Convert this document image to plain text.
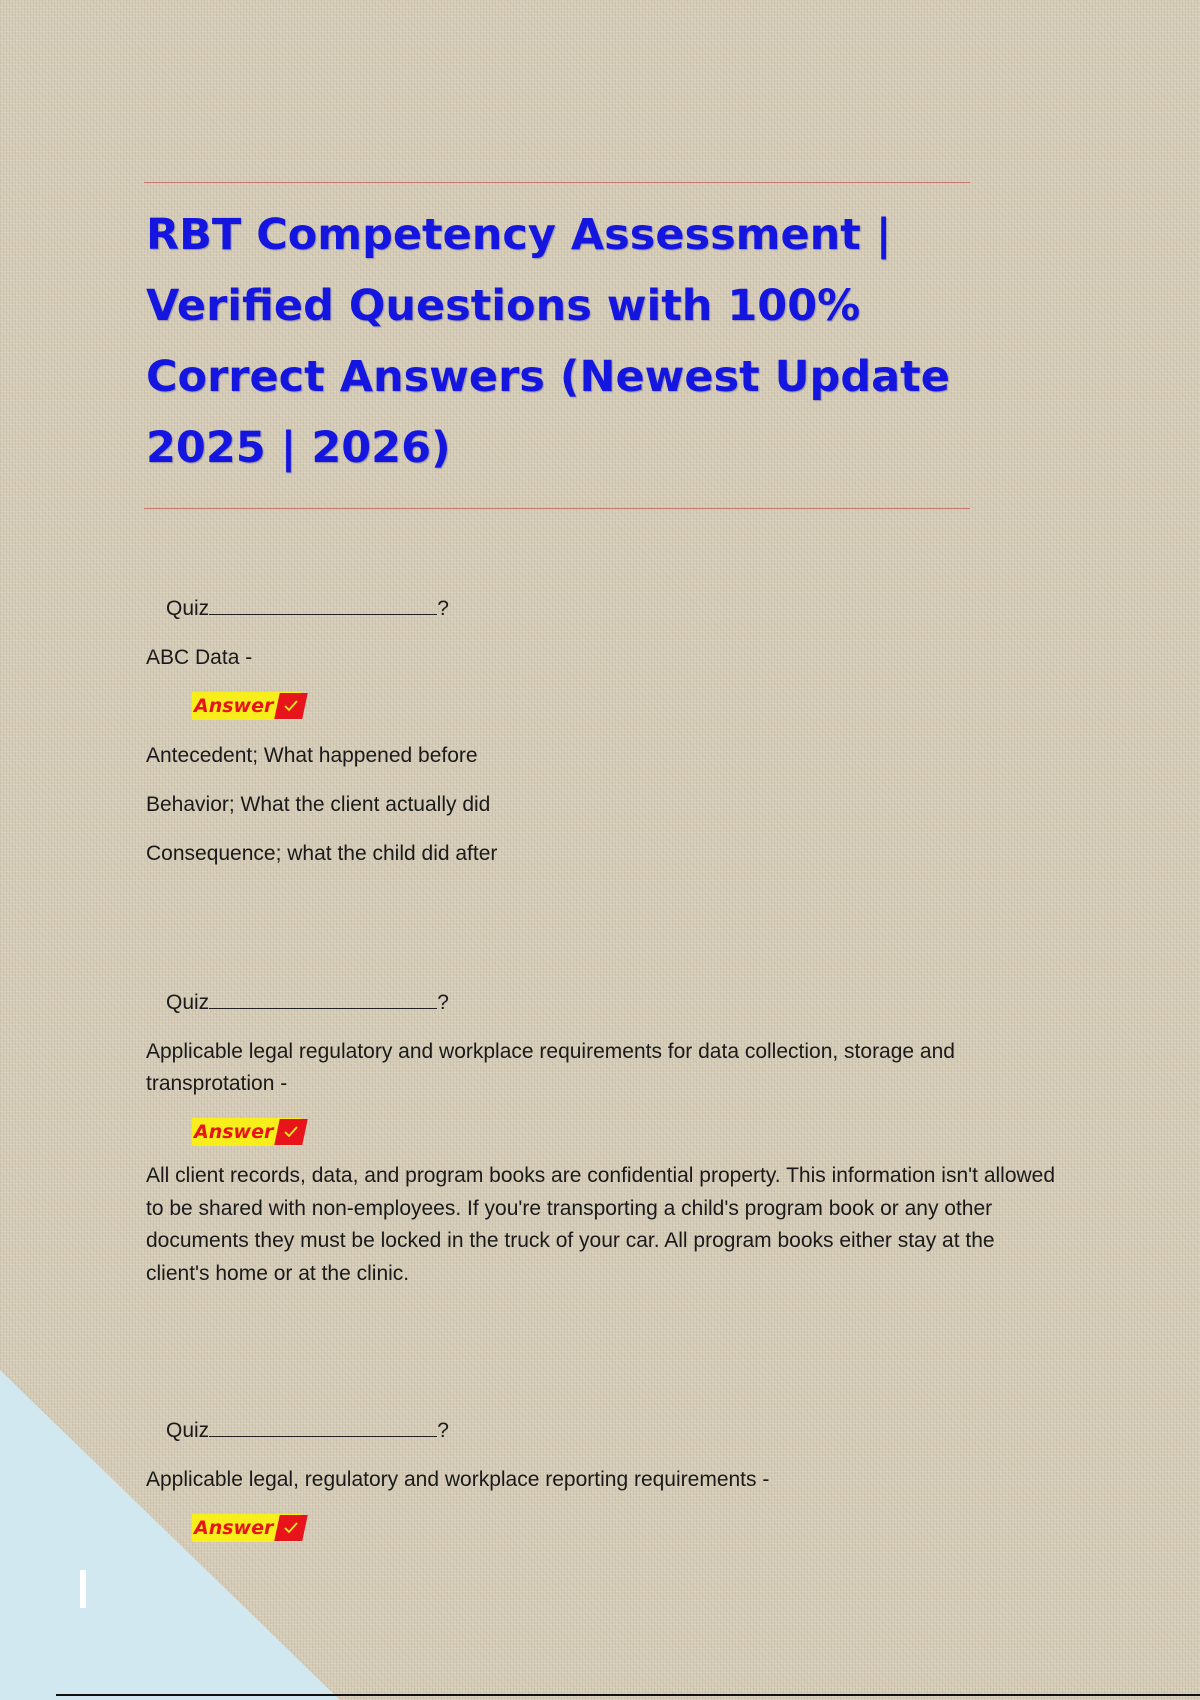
RBT Competency Assessment | Verified Questions with 100% Correct Answers (Newest Update 2025 | 2026)
Quiz	?

ABC Data -

Answer

Antecedent; What happened before

Behavior; What the client actually did

Consequence; what the child did after

Quiz	?

Applicable legal regulatory and workplace requirements for data collection, storage and transprotation -

Answer

All client records, data, and program books are confidential property. This information isn't allowed to be shared with non-employees. If you're transporting a child's program book or any other documents they must be locked in the truck of your car. All program books either stay at the client's home or at the clinic.

Quiz	?

Applicable legal, regulatory and workplace reporting requirements -

Answer
